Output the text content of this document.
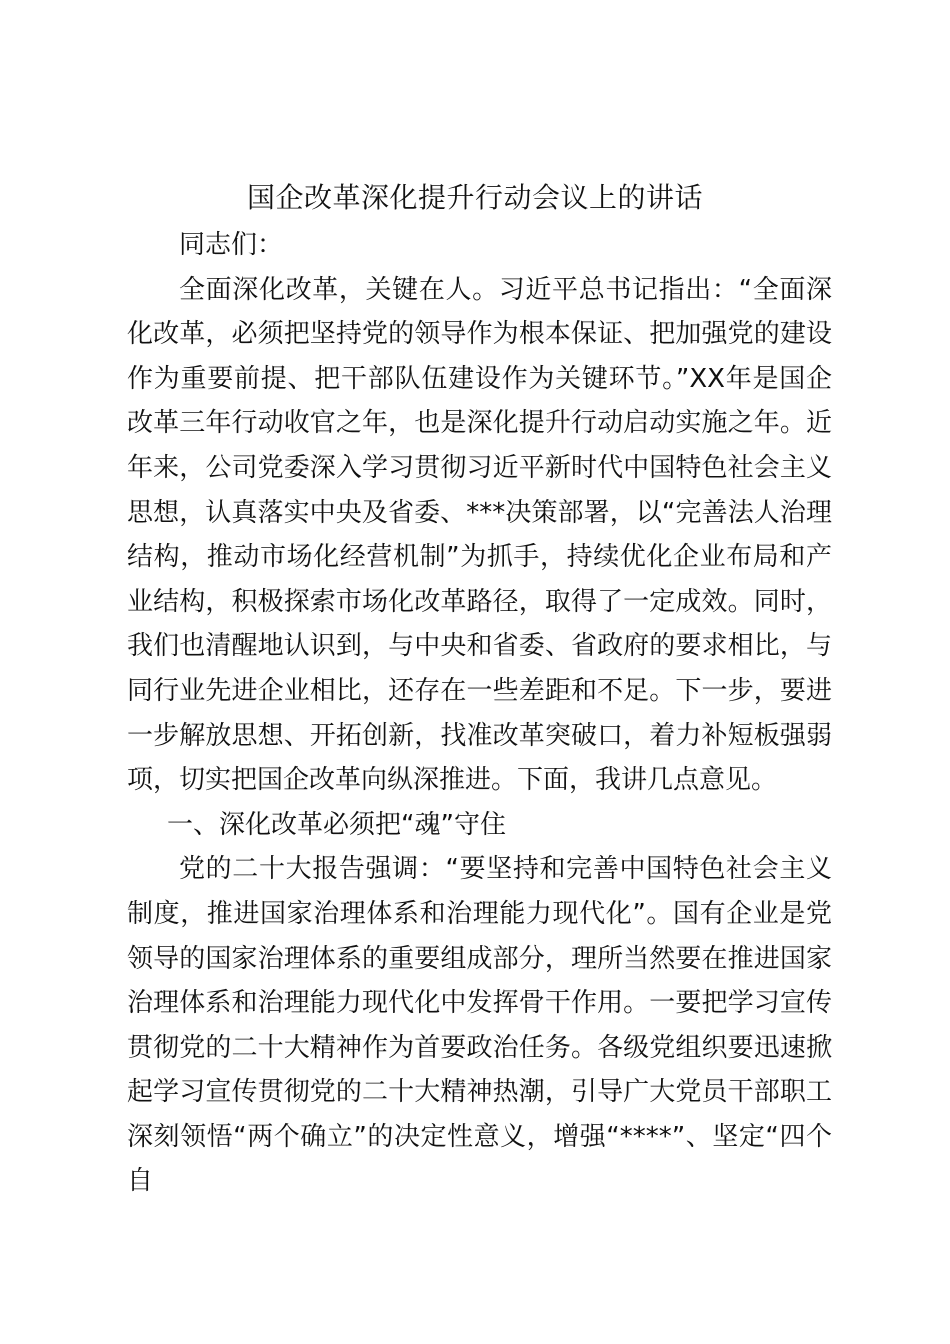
国企改革深化提升行动会议上的讲话

同志们：

全面深化改革，关键在人。习近平总书记指出：“全面深化改革，必须把坚持党的领导作为根本保证、把加强党的建设作为重要前提、把干部队伍建设作为关键环节。”XX年是国企改革三年行动收官之年，也是深化提升行动启动实施之年。近年来，公司党委深入学习贯彻习近平新时代中国特色社会主义思想，认真落实中央及省委、***决策部署，以“完善法人治理结构，推动市场化经营机制”为抓手，持续优化企业布局和产业结构，积极探索市场化改革路径，取得了一定成效。同时，我们也清醒地认识到，与中央和省委、省政府的要求相比，与同行业先进企业相比，还存在一些差距和不足。下一步，要进一步解放思想、开拓创新，找准改革突破口，着力补短板强弱项，切实把国企改革向纵深推进。下面，我讲几点意见。

一、深化改革必须把“魂”守住

党的二十大报告强调：“要坚持和完善中国特色社会主义制度，推进国家治理体系和治理能力现代化”。国有企业是党领导的国家治理体系的重要组成部分，理所当然要在推进国家治理体系和治理能力现代化中发挥骨干作用。一要把学习宣传贯彻党的二十大精神作为首要政治任务。各级党组织要迅速掀起学习宣传贯彻党的二十大精神热潮，引导广大党员干部职工深刻领悟“两个确立”的决定性意义，增强“****”、坚定“四个自
